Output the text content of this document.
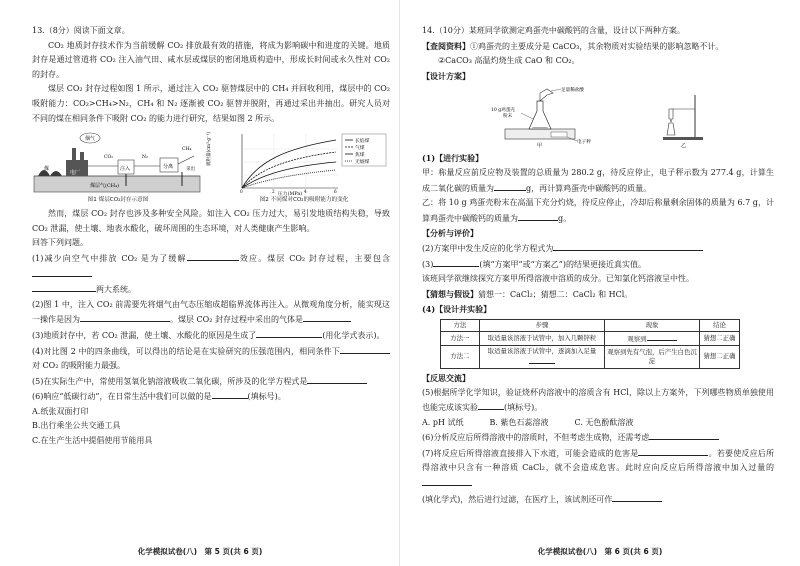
13.（8分）阅读下面文章。

CO₂ 地质封存技术作为当前缓解 CO₂ 排放最有效的措施，将成为影响碳中和进度的关键。地质封存是通过管道将 CO₂ 注入油气田、咸水层或煤层的密闭地质构造中，形成长时间或永久性对 CO₂ 的封存。

煤层 CO₂ 封存过程如图 1 所示，通过注入 CO₂ 驱替煤层中的 CH₄ 并回收利用，煤层中的 CO₂ 吸附能力：CO₂>CH₄>N₂，CH₄ 和 N₂ 逐渐被 CO₂ 驱替并脱附，再通过采出井抽出。研究人员对不同的煤在相同条件下吸附 CO₂ 的能力进行研究，结果如图 2 所示。

煤
电厂
烟气
注入	分离
CO₂	N₂
CH₄
采出
煤层气(CH₄)
图1 煤层CO₂封存示意图
吸附量(cm³·g⁻¹)
压力(MPa)
0	2	4	6
长焰煤
气煤
焦煤
无烟煤
图2 不同煤对CO₂的吸附能力的变化

然而，煤层 CO₂ 封存也涉及多种安全风险。如注入 CO₂ 压力过大，易引发地质结构失稳，导致 CO₂ 泄漏，使土壤、地表水酸化，破坏周围的生态环境，对人类健康产生影响。

回答下列问题。

(1)减少向空气中排放 CO₂ 是为了缓解	效应。煤层 CO₂ 封存过程，主要包含
两大系统。

(2)图 1 中，注入 CO₂ 前需要先将烟气由气态压缩成超临界流体再注入。从微观角度分析，能实现这一操作是因为	。煤层 CO₂ 封存过程中采出的气体是

(3)地质封存中，若 CO₂ 泄漏，使土壤、水酸化的原因是生成了	(用化学式表示)。

(4)对比图 2 中的四条曲线，可以得出的结论是在实验研究的压强范围内，相同条件下对 CO₂ 的吸附能力最强。

(5)在实际生产中，常使用氢氧化钠溶液吸收二氧化碳，所涉及的化学方程式是

(6)响应“低碳行动”，在日常生活中我们可以做的是	(填标号)。

A.纸张双面打印

B.出行乘坐公共交通工具

C.在生产生活中提倡使用节能用具

化学模拟试卷(八)　第 5 页(共 6 页)

14.（10分）某班同学欲测定鸡蛋壳中碳酸钙的含量，设计以下两种方案。

【查阅资料】①鸡蛋壳的主要成分是 CaCO₃，其余物质对实验结果的影响忽略不计。

②CaCO₃ 高温灼烧生成 CaO 和 CO₂。

【设计方案】

足量稀盐酸
10 g鸡蛋壳
粉末
电子秤
甲	乙

(1)【进行实验】

甲：称量反应前反应物及装置的总质量为 280.2 g，待反应停止，电子秤示数为 277.4 g，计算生成二氧化碳的质量为	g，再计算鸡蛋壳中碳酸钙的质量。

乙：将 10 g 鸡蛋壳粉末在高温下充分灼烧，待反应停止，冷却后称量剩余固体的质量为 6.7 g，计算鸡蛋壳中碳酸钙的质量为	g。

【分析与评价】

(2)方案甲中发生反应的化学方程式为

(3)	(填“方案甲”或“方案乙”)的结果更接近真实值。

该班同学欲继续探究方案甲所得溶液中溶质的成分。已知氯化钙溶液呈中性。

【猜想与假设】猜想一：CaCl₂；猜想二：CaCl₂ 和 HCl。

(4)【设计并实验】

方法	步骤	现象	结论
方法一	取适量该溶液于试管中，加入几颗锌粒	观察到	猜想二正确
方法二	取适量该溶液于试管中，逐滴加入足量	观察到先有气泡，后产生白色沉淀	猜想二正确

【反思交流】

(5)根据所学化学知识，验证烧杯内溶液中的溶质含有 HCl，除以上方案外，下列哪些物质单独使用也能完成该实验	(填标号)。

A. pH 试纸	B. 紫色石蕊溶液	C. 无色酚酞溶液

(6)分析反应后所得溶液中的溶质时，不但考虑生成物，还需考虑

(7)将反应后所得溶液直接排入下水道，可能会造成的危害是	。若要使反应后所得溶液中只含有一种溶质 CaCl₂，就不会造成危害。此时应向反应后所得溶液中加入过量的
(填化学式)，然后进行过滤，在医疗上，该试剂还可作

化学模拟试卷(八)　第 6 页(共 6 页)
